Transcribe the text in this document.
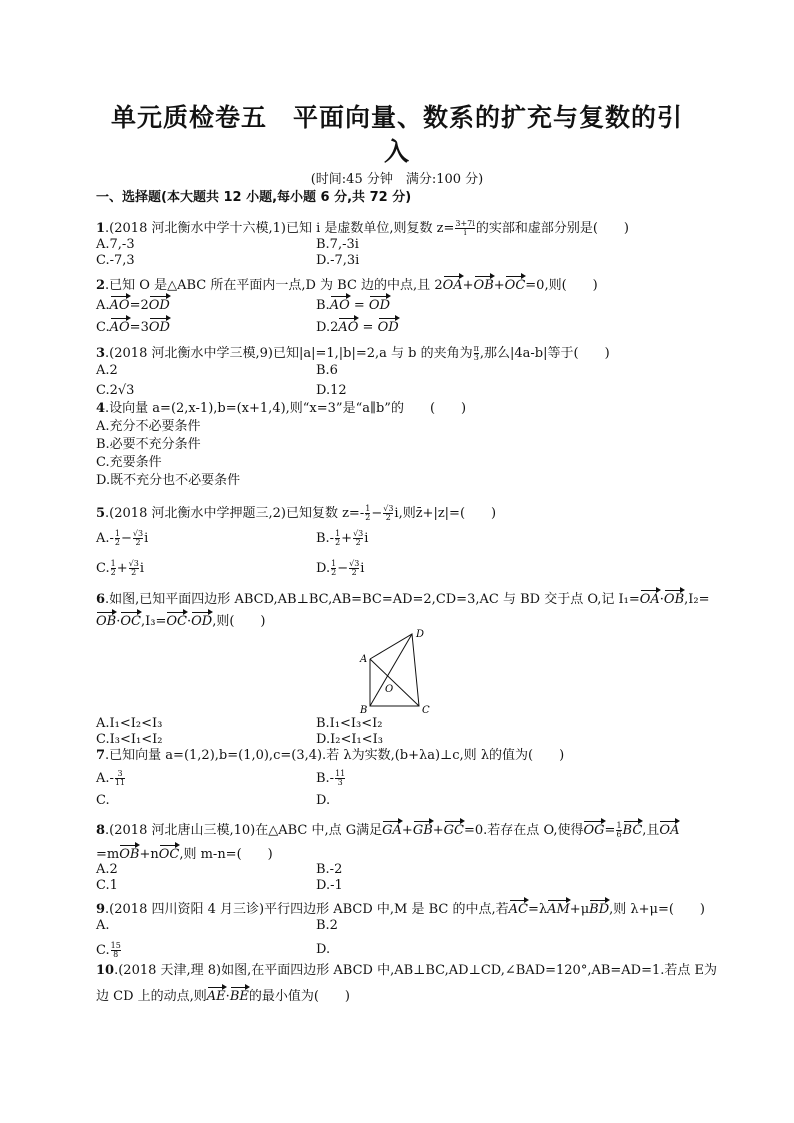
单元质检卷五　平面向量、数系的扩充与复数的引
入
(时间:45 分钟　满分:100 分)
一、选择题(本大题共 12 小题,每小题 6 分,共 72 分)
1.(2018 河北衡水中学十六模,1)已知 i 是虚数单位,则复数 $z= \frac{3+7i}{i}$ 的实部和虚部分别是(　　)
A.7,-3	B.7,-3i
C.-7,3	D.-7,3i
2.已知 O 是△ABC 所在平面内一点,D 为 BC 边的中点,且 2OA+OB+OC=0,则(　　)
A.AO=2OD	B.AO = OD
C.AO=3OD	D.2AO = OD
3.(2018 河北衡水中学三模,9)已知|a|=1,|b|=2,a 与 b 的夹角为 $\frac{\pi}{3}$ ,那么|4a-b|等于(　　)
A.2	B.6
C.2√3	D.12
4.设向量 a=(2,x-1),b=(x+1,4),则“x=3”是“a∥b”的　　(　　)
A.充分不必要条件
B.必要不充分条件
C.充要条件
D.既不充分也不必要条件
5.(2018 河北衡水中学押题三,2)已知复数 $z=- \frac{1}{2} - \frac{√3}{2} i$,则z̄+|z|=(　　)
$A.- \frac{1}{2} - \frac{√3}{2}$ i	$B.- \frac{1}{2} + \frac{√3}{2}$ i
C. $\frac{1}{2} + \frac{√3}{2}$ i	D. $\frac{1}{2} - \frac{√3}{2}$ i
6.如图,已知平面四边形 ABCD,AB⊥BC,AB=BC=AD=2,CD=3,AC 与 BD 交于点 O,记 I₁=OA·OB,I₂=
OB·OC,I₃=OC·OD,则(　　)
A
B	C
D
O
A.I₁<I₂<I₃	B.I₁<I₃<I₂
C.I₃<I₁<I₂	D.I₂<I₁<I₃
7.已知向量 a=(1,2),b=(1,0),c=(3,4).若 λ为实数,(b+λa)⊥c,则 λ的值为(　　)
$A.- \frac{3}{11}$	$B.- \frac{11}{3}$
C.	D.
8.(2018 河北唐山三模,10)在△ABC 中,点 G满足GA+GB+GC=0.若存在点 O,使得$OG= \frac{1}{6}$ BC,且OA
=mOB+nOC,则 m-n=(　　)
A.2	B.-2
C.1	D.-1
9.(2018 四川资阳 4 月三诊)平行四边形 ABCD 中,M 是 BC 的中点,若AC=λAM+μBD,则 λ+μ=(　　)
A.	B.2
C. $\frac{15}{8}$	D.
10.(2018 天津,理 8)如图,在平面四边形 ABCD 中,AB⊥BC,AD⊥CD,∠BAD=120°,AB=AD=1.若点 E为
边 CD 上的动点,则AE·BE的最小值为(　　)
